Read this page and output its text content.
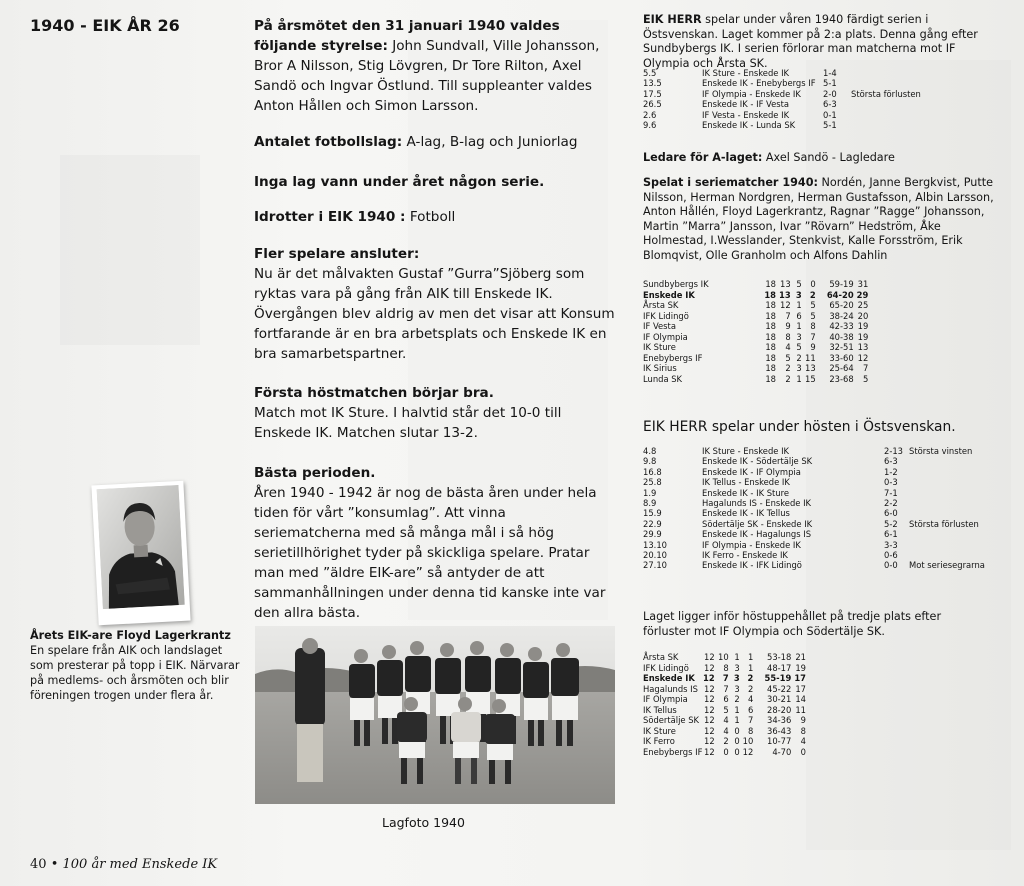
1940 - EIK ÅR 26	På årsmötet den 31 januari 1940 valdes följande styrelse: John Sundvall, Ville Johansson, Bror A Nilsson, Stig Lövgren, Dr Tore Rilton, Axel Sandö och Ingvar Östlund. Till suppleanter valdes Anton Hållen och Simon Larsson.

Antalet fotbollslag: A-lag, B-lag och Juniorlag

Inga lag vann under året någon serie.

Idrotter i EIK 1940 : Fotboll

Fler spelare ansluter:

Nu är det målvakten Gustaf ”Gurra”Sjöberg som ryktas vara på gång från AIK till Enskede IK. Övergången blev aldrig av men det visar att Konsum fortfarande är en bra arbetsplats och Enskede IK en bra samarbetspartner.

Första höstmatchen börjar bra.

Match mot IK Sture. I halvtid står det 10-0 till Enskede IK. Matchen slutar 13-2.

Bästa perioden.

Åren 1940 - 1942 är nog de bästa åren under hela tiden för vårt ”konsumlag”. Att vinna seriematcherna med så många mål i så hög serietillhörighet tyder på skickliga spelare. Pratar man med ”äldre EIK-are” så antyder de att sammanhållningen under denna tid kanske inte var den allra bästa.

Årets EIK-are Floyd Lagerkrantz
En spelare från AIK och landslaget som presterar på topp i EIK. Närvarar på medlems- och årsmöten och blir föreningen trogen under flera år.
Lagfoto 1940
40 • 100 år med Enskede IK

EIK HERR spelar under våren 1940 färdigt serien i Östsvenskan. Laget kommer på 2:a plats. Denna gång efter Sundbybergs IK. I serien förlorar man matcherna mot IF Olympia och Årsta SK.

5.5	IK Sture - Enskede IK	1-4	
13.5	Enskede IK - Enebybergs IF	5-1	
17.5	IF Olympia - Enskede IK	2-0	Största förlusten
26.5	Enskede IK - IF Vesta	6-3	
2.6	IF Vesta - Enskede IK	0-1	
9.6	Enskede IK - Lunda SK	5-1	

Ledare för A-laget: Axel Sandö - Lagledare

Spelat i seriematcher 1940: Nordén, Janne Bergkvist, Putte Nilsson, Herman Nordgren, Herman Gustafsson, Albin Larsson, Anton Hållén, Floyd Lagerkrantz, Ragnar ”Ragge” Johansson, Martin ”Marra” Jansson, Ivar ”Rövarn” Hedström, Åke Holmestad, I.Wesslander, Stenkvist, Kalle Forsström, Erik Blomqvist, Olle Granholm och Alfons Dahlin

Sundbybergs IK	18	13	5	0	59-19	31
Enskede IK	18	13	3	2	64-20	29
Årsta SK	18	12	1	5	65-20	25
IFK Lidingö	18	7	6	5	38-24	20
IF Vesta	18	9	1	8	42-33	19
IF Olympia	18	8	3	7	40-38	19
IK Sture	18	4	5	9	32-51	13
Enebybergs IF	18	5	2	11	33-60	12
IK Sirius	18	2	3	13	25-64	7
Lunda SK	18	2	1	15	23-68	5
EIK HERR spelar under hösten i Östsvenskan.
4.8	IK Sture - Enskede IK	2-13	Största vinsten
9.8	Enskede IK - Södertälje SK	6-3	
16.8	Enskede IK - IF Olympia	1-2	
25.8	IK Tellus - Enskede IK	0-3	
1.9	Enskede IK - IK Sture	7-1	
8.9	Hagalunds IS - Enskede IK	2-2	
15.9	Enskede IK - IK Tellus	6-0	
22.9	Södertälje SK - Enskede IK	5-2	Största förlusten
29.9	Enskede IK - Hagalungs IS	6-1	
13.10	IF Olympia - Enskede IK	3-3	
20.10	IK Ferro - Enskede IK	0-6	
27.10	Enskede IK - IFK Lidingö	0-0	Mot seriesegrarna
Laget ligger inför höstuppehållet på tredje plats efter förluster mot IF Olympia och Södertälje SK.
Årsta SK	12	10	1	1	53-18	21
IFK Lidingö	12	8	3	1	48-17	19
Enskede IK	12	7	3	2	55-19	17
Hagalunds IS	12	7	3	2	45-22	17
IF Olympia	12	6	2	4	30-21	14
IK Tellus	12	5	1	6	28-20	11
Södertälje SK	12	4	1	7	34-36	9
IK Sture	12	4	0	8	36-43	8
IK Ferro	12	2	0	10	10-77	4
Enebybergs IF	12	0	0	12	4-70	0
